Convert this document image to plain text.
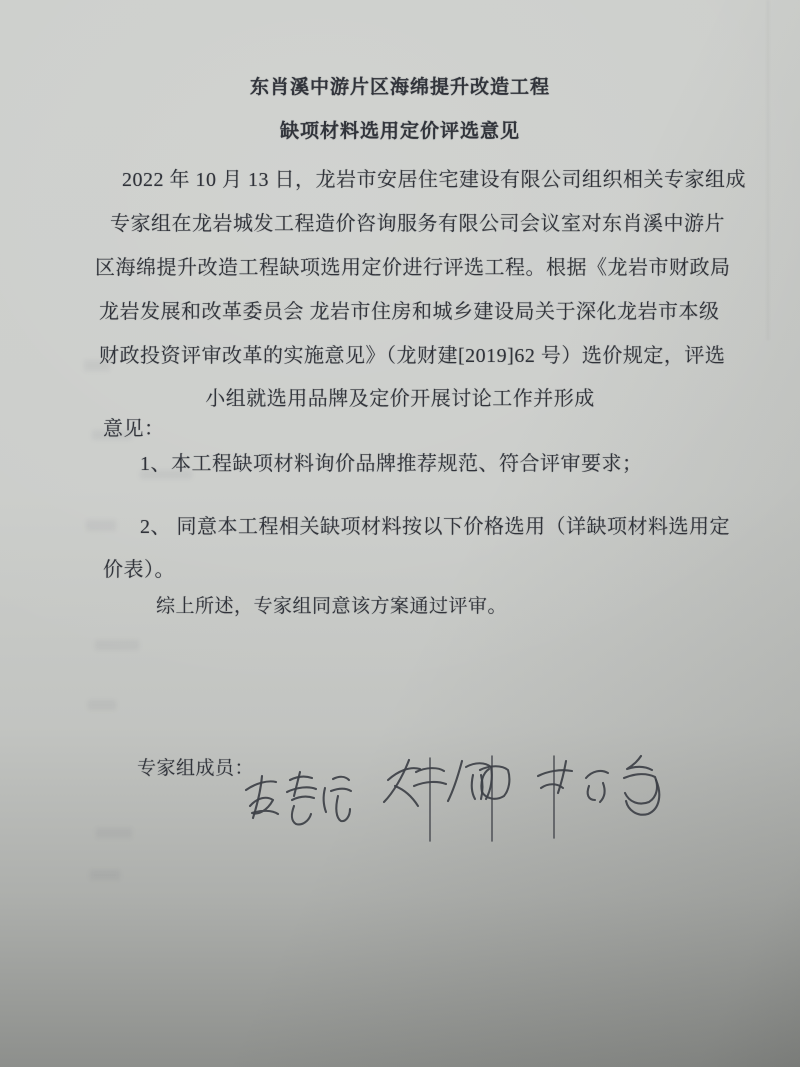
东肖溪中游片区海绵提升改造工程
缺项材料选用定价评选意见
2022 年 10 月 13 日，龙岩市安居住宅建设有限公司组织相关专家组成
专家组在龙岩城发工程造价咨询服务有限公司会议室对东肖溪中游片
区海绵提升改造工程缺项选用定价进行评选工程。根据《龙岩市财政局
龙岩发展和改革委员会 龙岩市住房和城乡建设局关于深化龙岩市本级
财政投资评审改革的实施意见》（龙财建[2019]62 号）选价规定，评选
小组就选用品牌及定价开展讨论工作并形成
意见：
1、本工程缺项材料询价品牌推荐规范、符合评审要求；
2、 同意本工程相关缺项材料按以下价格选用（详缺项材料选用定
价表）。
综上所述，专家组同意该方案通过评审。
专家组成员：
